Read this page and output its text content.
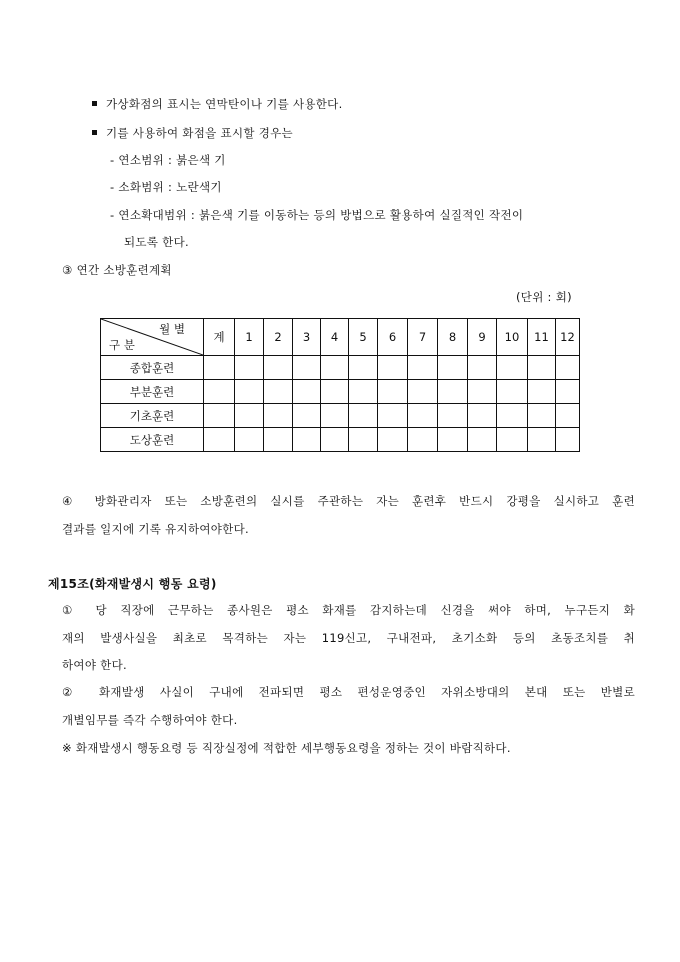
가상화점의 표시는 연막탄이나 기를 사용한다.
기를 사용하여 화점을 표시할 경우는
- 연소범위 : 붉은색 기
- 소화범위 : 노란색기
- 연소확대범위 : 붉은색 기를 이동하는 등의 방법으로 활용하여 실질적인 작전이
되도록 한다.
③ 연간 소방훈련계획
(단위 : 회)
월 별
구 분	계	1	2	3	4	5	6	7	8	9	10	11	12
종합훈련													
부분훈련													
기초훈련													
도상훈련													
④ 방화관리자 또는 소방훈련의 실시를 주관하는 자는 훈련후 반드시 강평을 실시하고 훈련
결과를 일지에 기록 유지하여야한다.
제15조(화재발생시 행동 요령)
① 당 직장에 근무하는 종사원은 평소 화재를 감지하는데 신경을 써야 하며, 누구든지 화
재의 발생사실을 최초로 목격하는 자는 119신고, 구내전파, 초기소화 등의 초동조치를 취
하여야 한다.
② 화재발생 사실이 구내에 전파되면 평소 편성운영중인 자위소방대의 본대 또는 반별로
개별임무를 즉각 수행하여야 한다.
※ 화재발생시 행동요령 등 직장실정에 적합한 세부행동요령을 정하는 것이 바람직하다.
